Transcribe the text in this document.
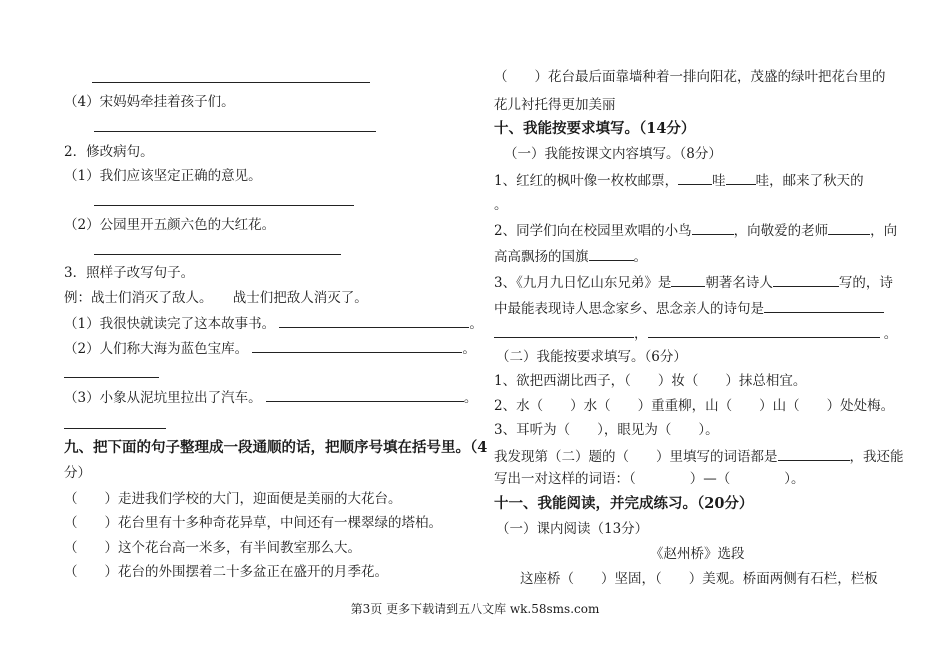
（4）宋妈妈牵挂着孩子们。
2．修改病句。
（1）我们应该坚定正确的意见。
（2）公园里开五颜六色的大红花。
3．照样子改写句子。
例：战士们消灭了敌人。　　战士们把敌人消灭了。
（1）我很快就读完了这本故事书。	。
（2）人们称大海为蓝色宝库。	。
（3）小象从泥坑里拉出了汽车。	。
九、把下面的句子整理成一段通顺的话，把顺序号填在括号里。（4
分）
（　　）走进我们学校的大门，迎面便是美丽的大花台。
（　　）花台里有十多种奇花异草，中间还有一棵翠绿的塔柏。
（　　）这个花台高一米多，有半间教室那么大。
（　　）花台的外围摆着二十多盆正在盛开的月季花。
（　　）花台最后面靠墙种着一排向阳花，茂盛的绿叶把花台里的
花儿衬托得更加美丽
十、我能按要求填写。（14分）
（一）我能按课文内容填写。（8分）
1、红红的枫叶像一枚枚邮票，	哇 哇，邮来了秋天的
。
2、同学们向在校园里欢唱的小鸟	，向敬爱的老师	，向
高高飘扬的国旗	。
3、《九月九日忆山东兄弟》是	朝著名诗人	写的，诗
中最能表现诗人思念家乡、思念亲人的诗句是
，	。
（二）我能按要求填写。（6分）
1、欲把西湖比西子，（　　）妆（　　）抹总相宜。
2、水（　　）水（　　）重重柳，山（　　）山（　　）处处梅。
3、耳听为（　　），眼见为（　　）。
我发现第（二）题的（　　）里填写的词语都是	，我还能
写出一对这样的词语：（　　　　）—（　　　　）。
十一、我能阅读，并完成练习。（20分）
（一）课内阅读（13分）
《赵州桥》选段
这座桥（　　）坚固，（　　）美观。桥面两侧有石栏，栏板
第3页 更多下载请到五八文库 wk.58sms.com
